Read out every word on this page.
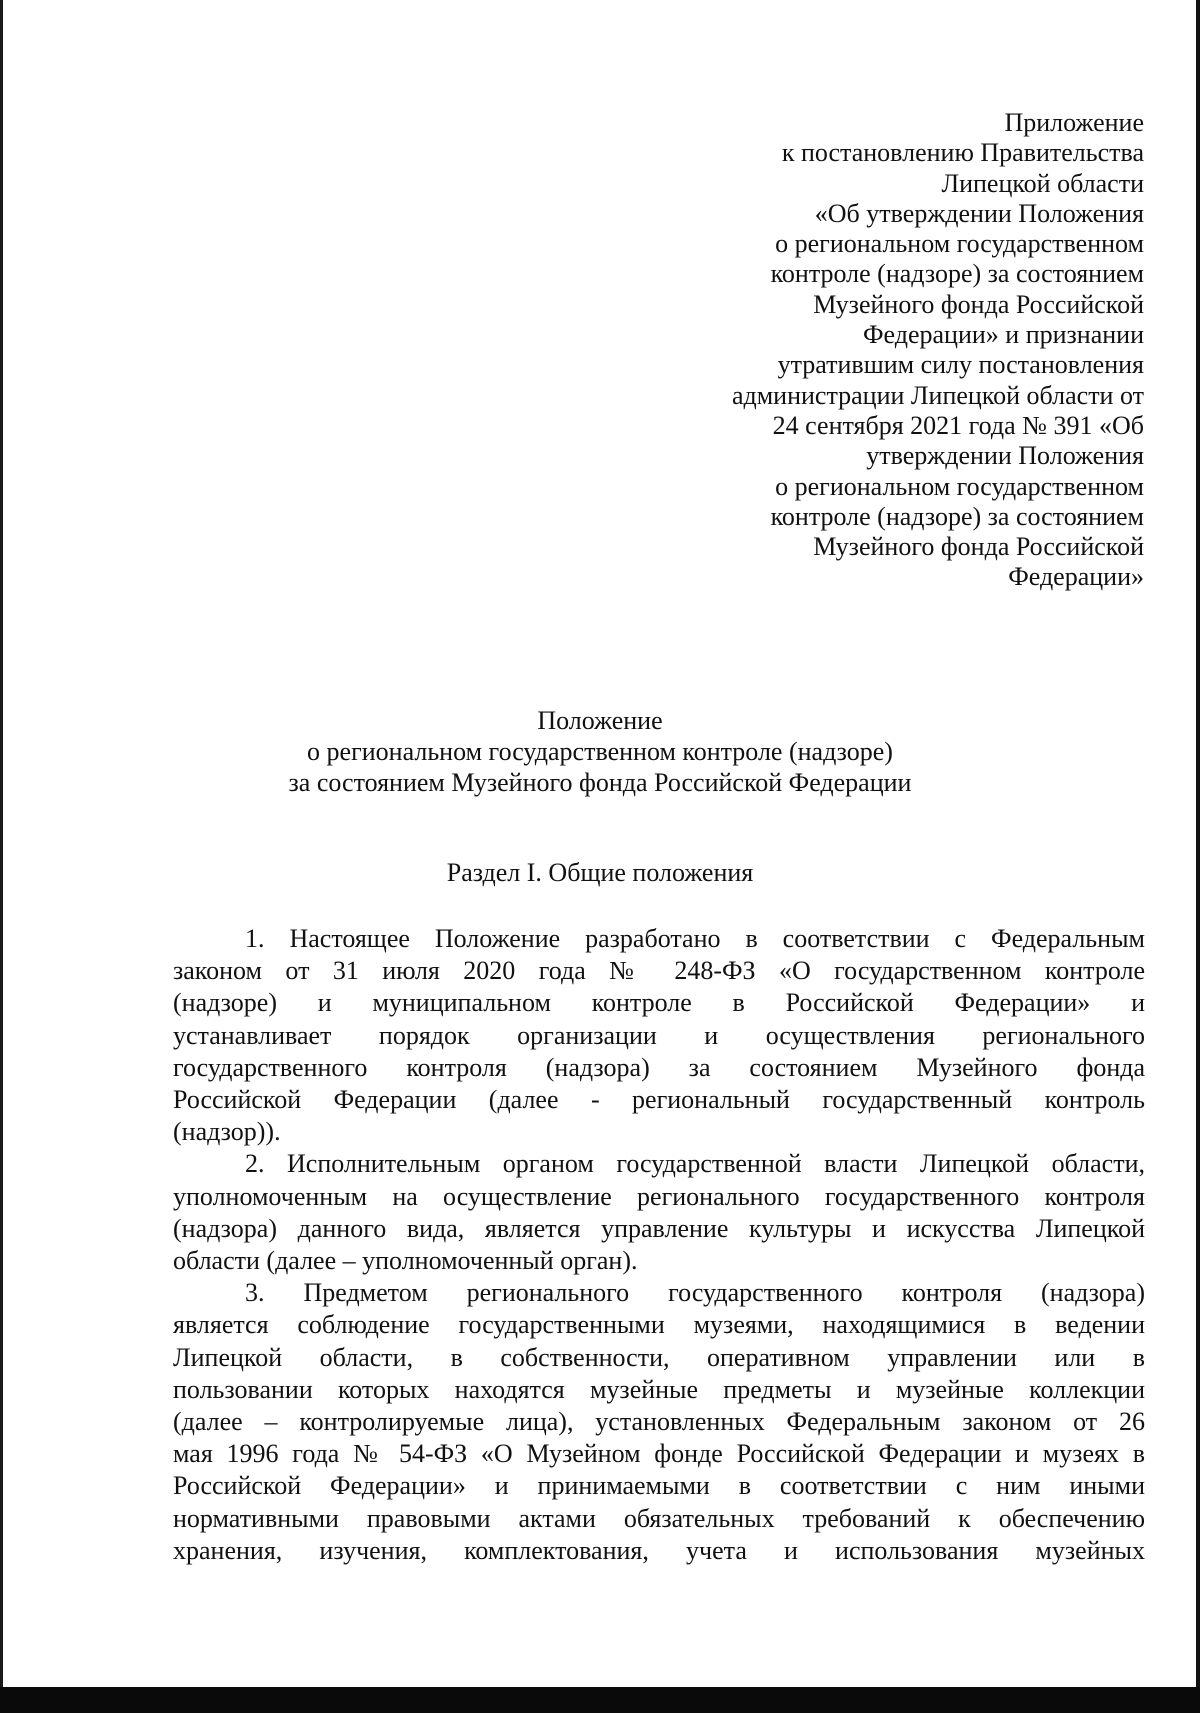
Приложение
к постановлению Правительства
Липецкой области
«Об утверждении Положения
о региональном государственном
контроле (надзоре) за состоянием
Музейного фонда Российской
Федерации» и признании
утратившим силу постановления
администрации Липецкой области от
24 сентября 2021 года № 391 «Об
утверждении Положения
о региональном государственном
контроле (надзоре) за состоянием
Музейного фонда Российской
Федерации»
Положение
о региональном государственном контроле (надзоре)
за состоянием Музейного фонда Российской Федерации
Раздел I. Общие положения
1. Настоящее Положение разработано в соответствии с Федеральным
законом от 31 июля 2020 года № 248-ФЗ «О государственном контроле
(надзоре) и муниципальном контроле в Российской Федерации» и
устанавливает порядок организации и осуществления регионального
государственного контроля (надзора) за состоянием Музейного фонда
Российской Федерации (далее - региональный государственный контроль
(надзор)).
2. Исполнительным органом государственной власти Липецкой области,
уполномоченным на осуществление регионального государственного контроля
(надзора) данного вида, является управление культуры и искусства Липецкой
области (далее – уполномоченный орган).
3. Предметом регионального государственного контроля (надзора)
является соблюдение государственными музеями, находящимися в ведении
Липецкой области, в собственности, оперативном управлении или в
пользовании которых находятся музейные предметы и музейные коллекции
(далее – контролируемые лица), установленных Федеральным законом от 26
мая 1996 года № 54-ФЗ «О Музейном фонде Российской Федерации и музеях в
Российской Федерации» и принимаемыми в соответствии с ним иными
нормативными правовыми актами обязательных требований к обеспечению
хранения, изучения, комплектования, учета и использования музейных
